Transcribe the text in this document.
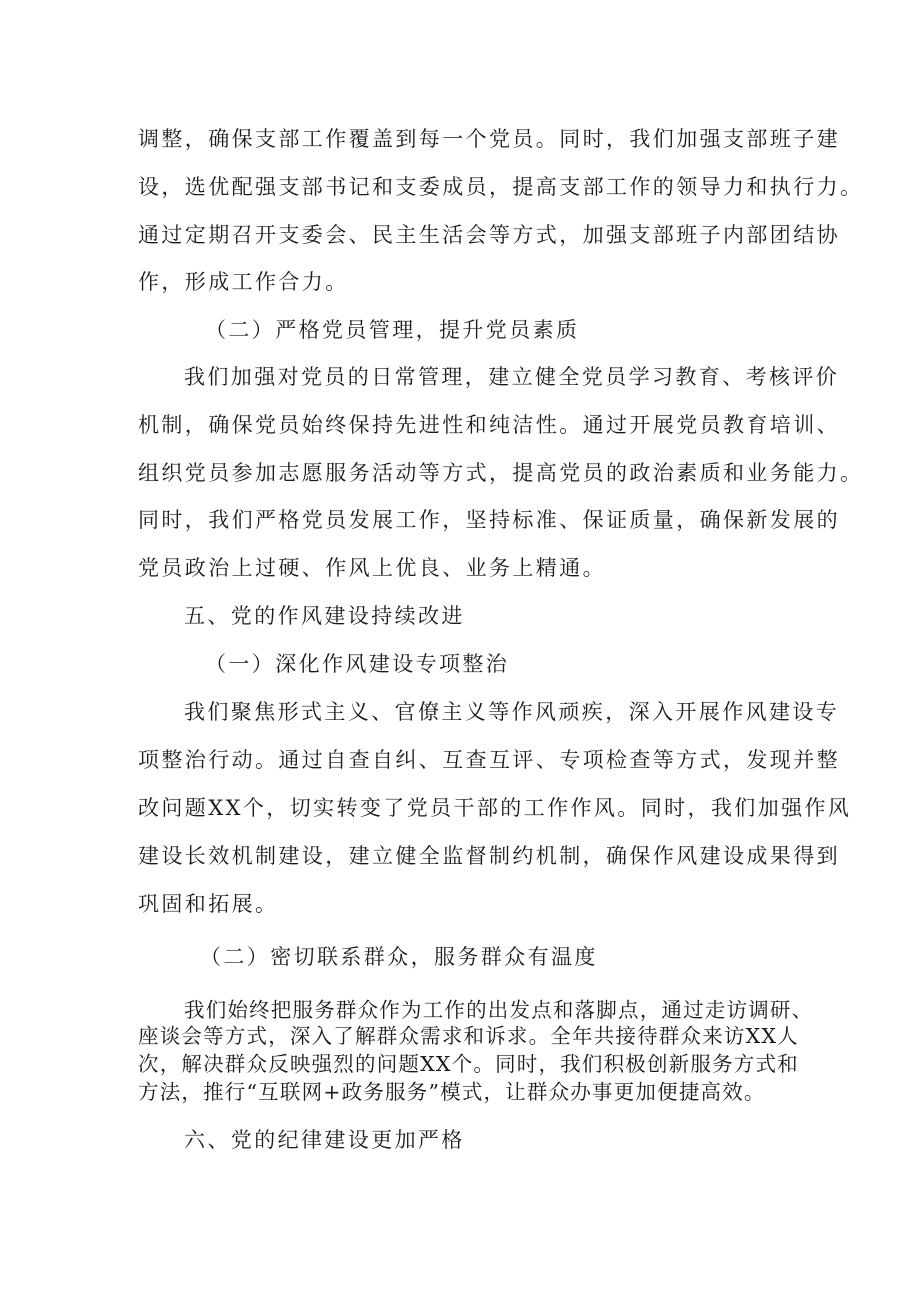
调整，确保支部工作覆盖到每一个党员。同时，我们加强支部班子建
设，选优配强支部书记和支委成员，提高支部工作的领导力和执行力。
通过定期召开支委会、民主生活会等方式，加强支部班子内部团结协
作，形成工作合力。
（二）严格党员管理，提升党员素质
我们加强对党员的日常管理，建立健全党员学习教育、考核评价
机制，确保党员始终保持先进性和纯洁性。通过开展党员教育培训、
组织党员参加志愿服务活动等方式，提高党员的政治素质和业务能力。
同时，我们严格党员发展工作，坚持标准、保证质量，确保新发展的
党员政治上过硬、作风上优良、业务上精通。
五、党的作风建设持续改进
（一）深化作风建设专项整治
我们聚焦形式主义、官僚主义等作风顽疾，深入开展作风建设专
项整治行动。通过自查自纠、互查互评、专项检查等方式，发现并整
改问题XX个，切实转变了党员干部的工作作风。同时，我们加强作风
建设长效机制建设，建立健全监督制约机制，确保作风建设成果得到
巩固和拓展。
（二）密切联系群众，服务群众有温度
我们始终把服务群众作为工作的出发点和落脚点，通过走访调研、
座谈会等方式，深入了解群众需求和诉求。全年共接待群众来访XX人
次，解决群众反映强烈的问题XX个。同时，我们积极创新服务方式和
方法，推行“互联网+政务服务”模式，让群众办事更加便捷高效。
六、党的纪律建设更加严格
